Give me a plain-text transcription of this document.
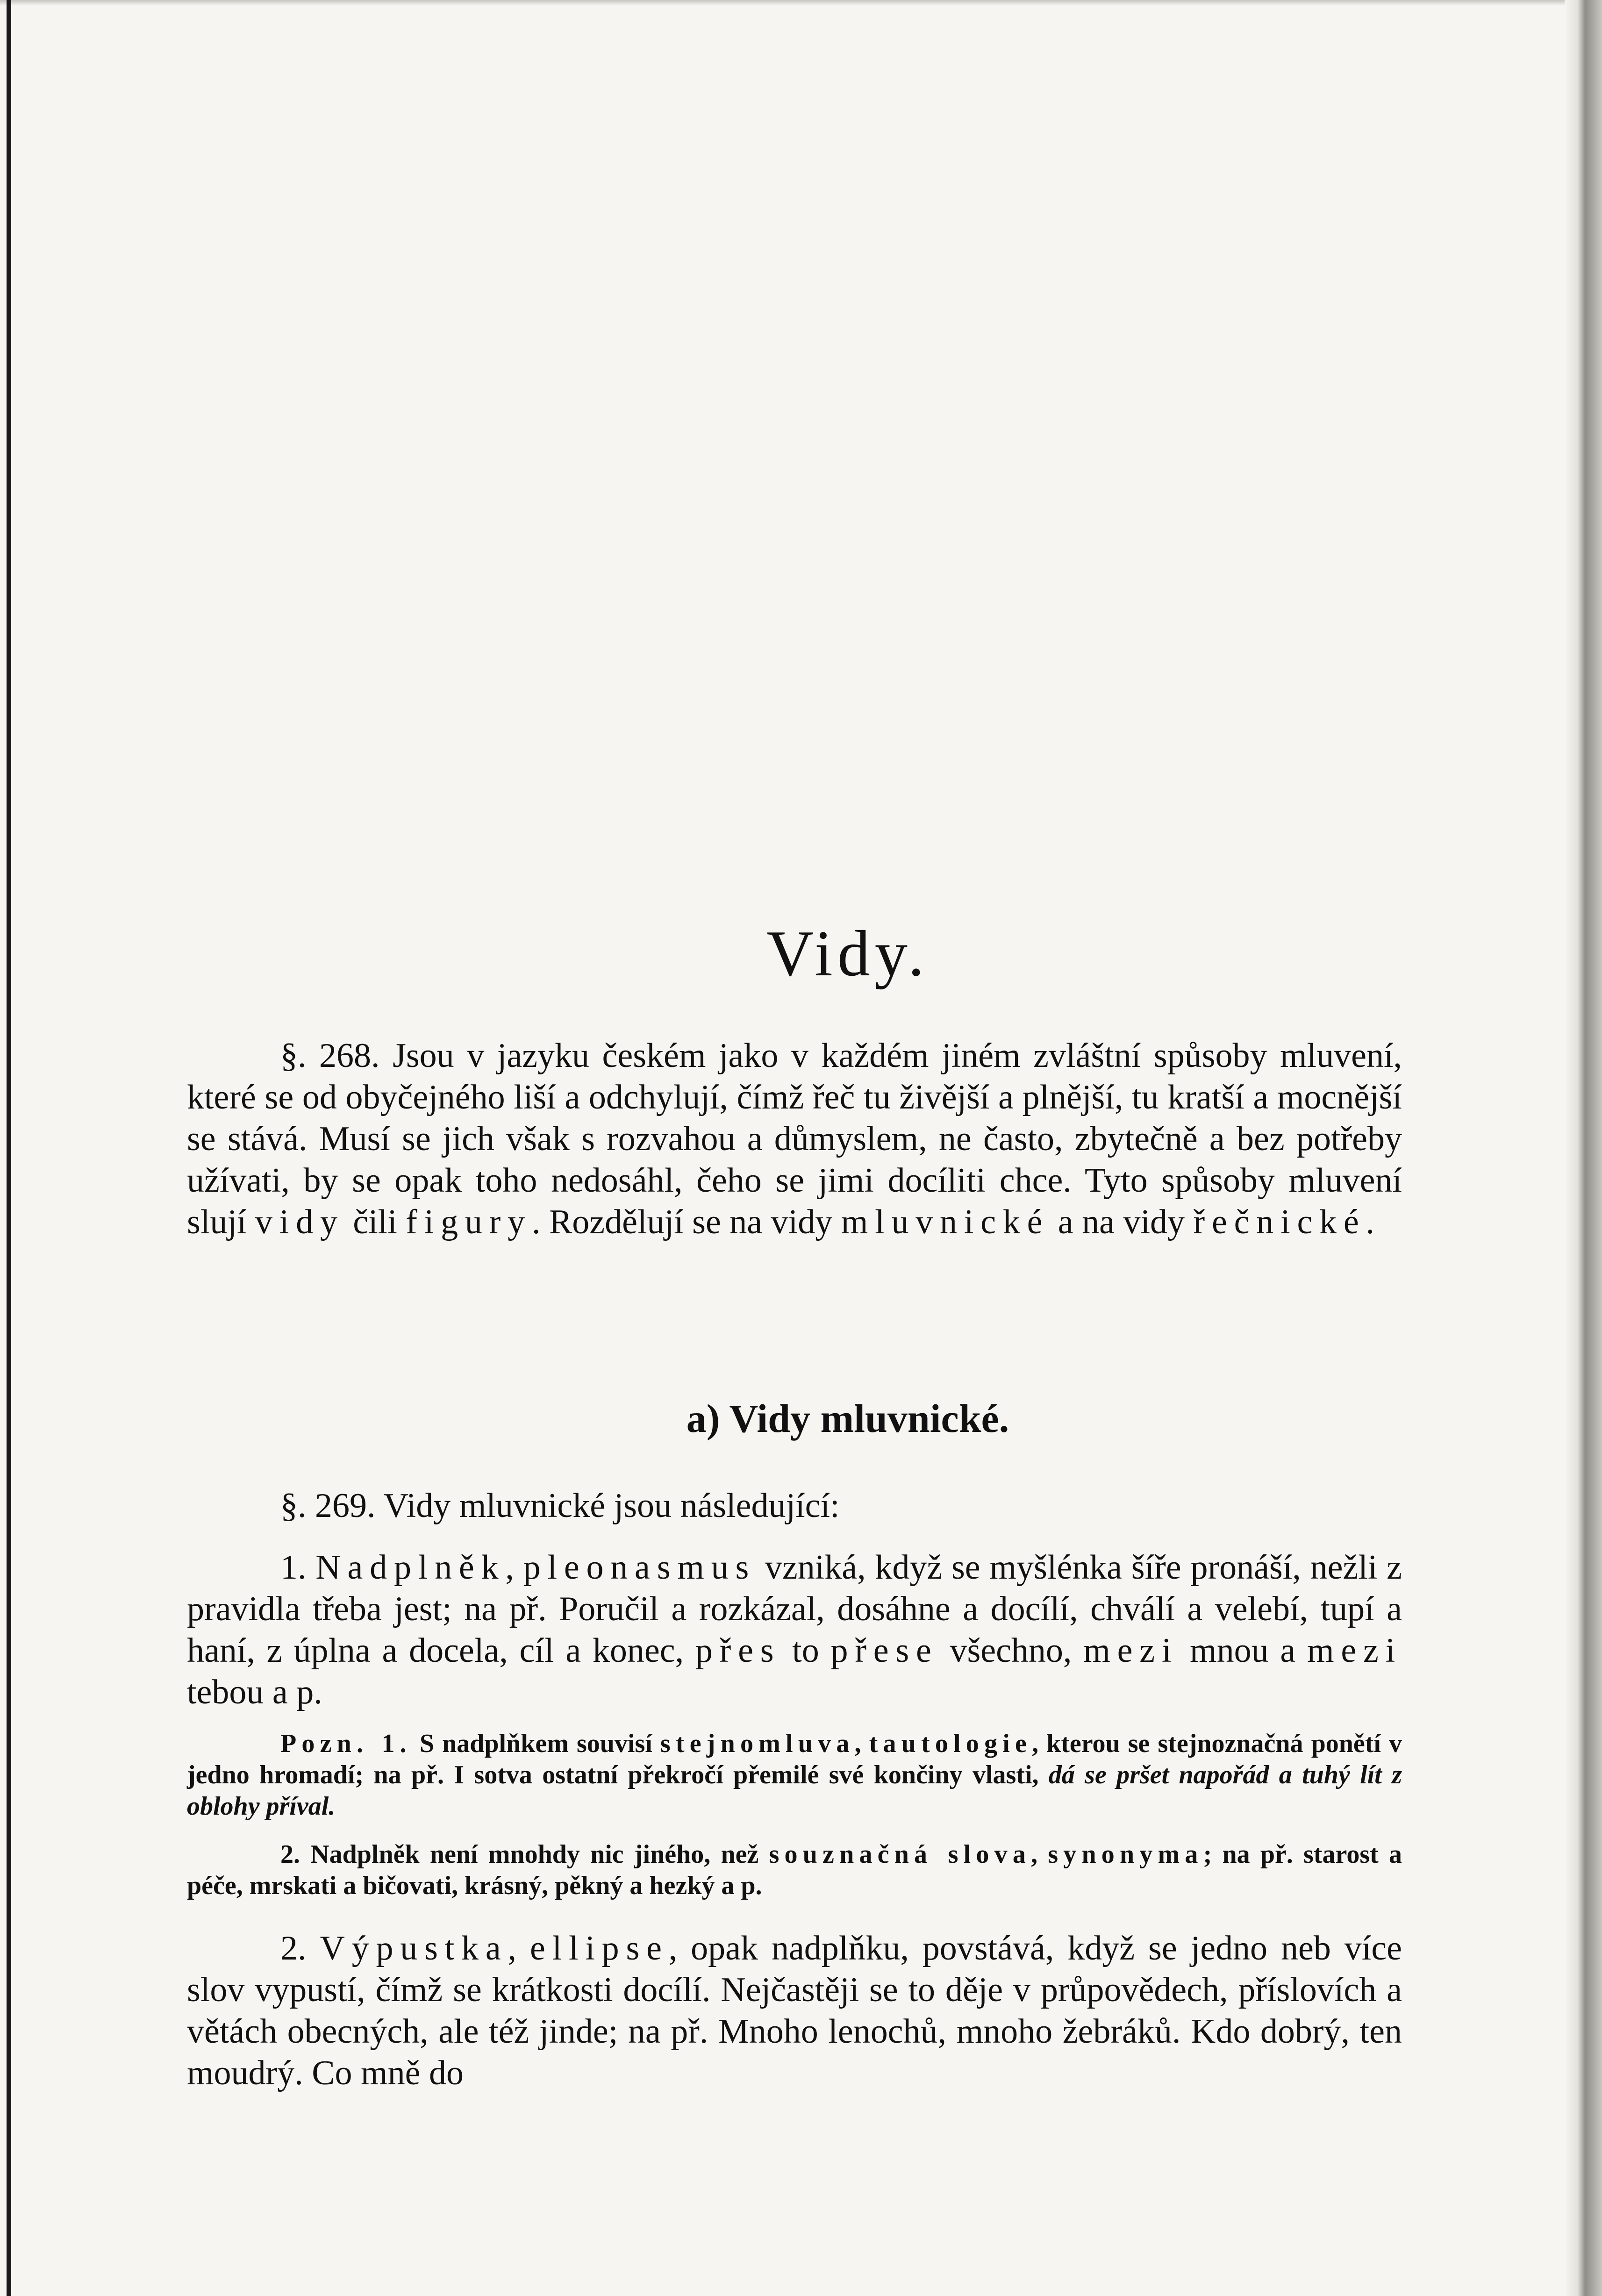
Vidy.

§. 268. Jsou v jazyku českém jako v každém jiném zvláštní spůsoby mluvení, které se od obyčejného liší a odchylují, čímž řeč tu živější a plnější, tu kratší a mocnější se stává. Musí se jich však s rozvahou a důmyslem, ne často, zbytečně a bez potřeby užívati, by se opak toho nedosáhl, čeho se jimi docíliti chce. Tyto spůsoby mluvení slují vidy čili figury. Rozdělují se na vidy mluvnické a na vidy řečnické.

a) Vidy mluvnické.

§. 269. Vidy mluvnické jsou následující:

1. Nadplněk, pleonasmus vzniká, když se myšlénka šíře pronáší, nežli z pravidla třeba jest; na př. Poručil a rozkázal, dosáhne a docílí, chválí a velebí, tupí a haní, z úplna a docela, cíl a konec, přes to přese všechno, mezi mnou a mezi tebou a p.

Pozn. 1. S nadplňkem souvisí stejnomluva, tautologie, kterou se stejnoznačná ponětí v jedno hromadí; na př. I sotva ostatní překročí přemilé své končiny vlasti, dá se pršet napořád a tuhý lít z oblohy příval.

2. Nadplněk není mnohdy nic jiného, než souznačná slova, synonyma; na př. starost a péče, mrskati a bičovati, krásný, pěkný a hezký a p.

2. Výpustka, ellipse, opak nadplňku, povstává, když se jedno neb více slov vypustí, čímž se krátkosti docílí. Nejčastěji se to děje v průpovědech, příslovích a větách obecných, ale též jinde; na př. Mnoho lenochů, mnoho žebráků. Kdo dobrý, ten moudrý. Co mně do
